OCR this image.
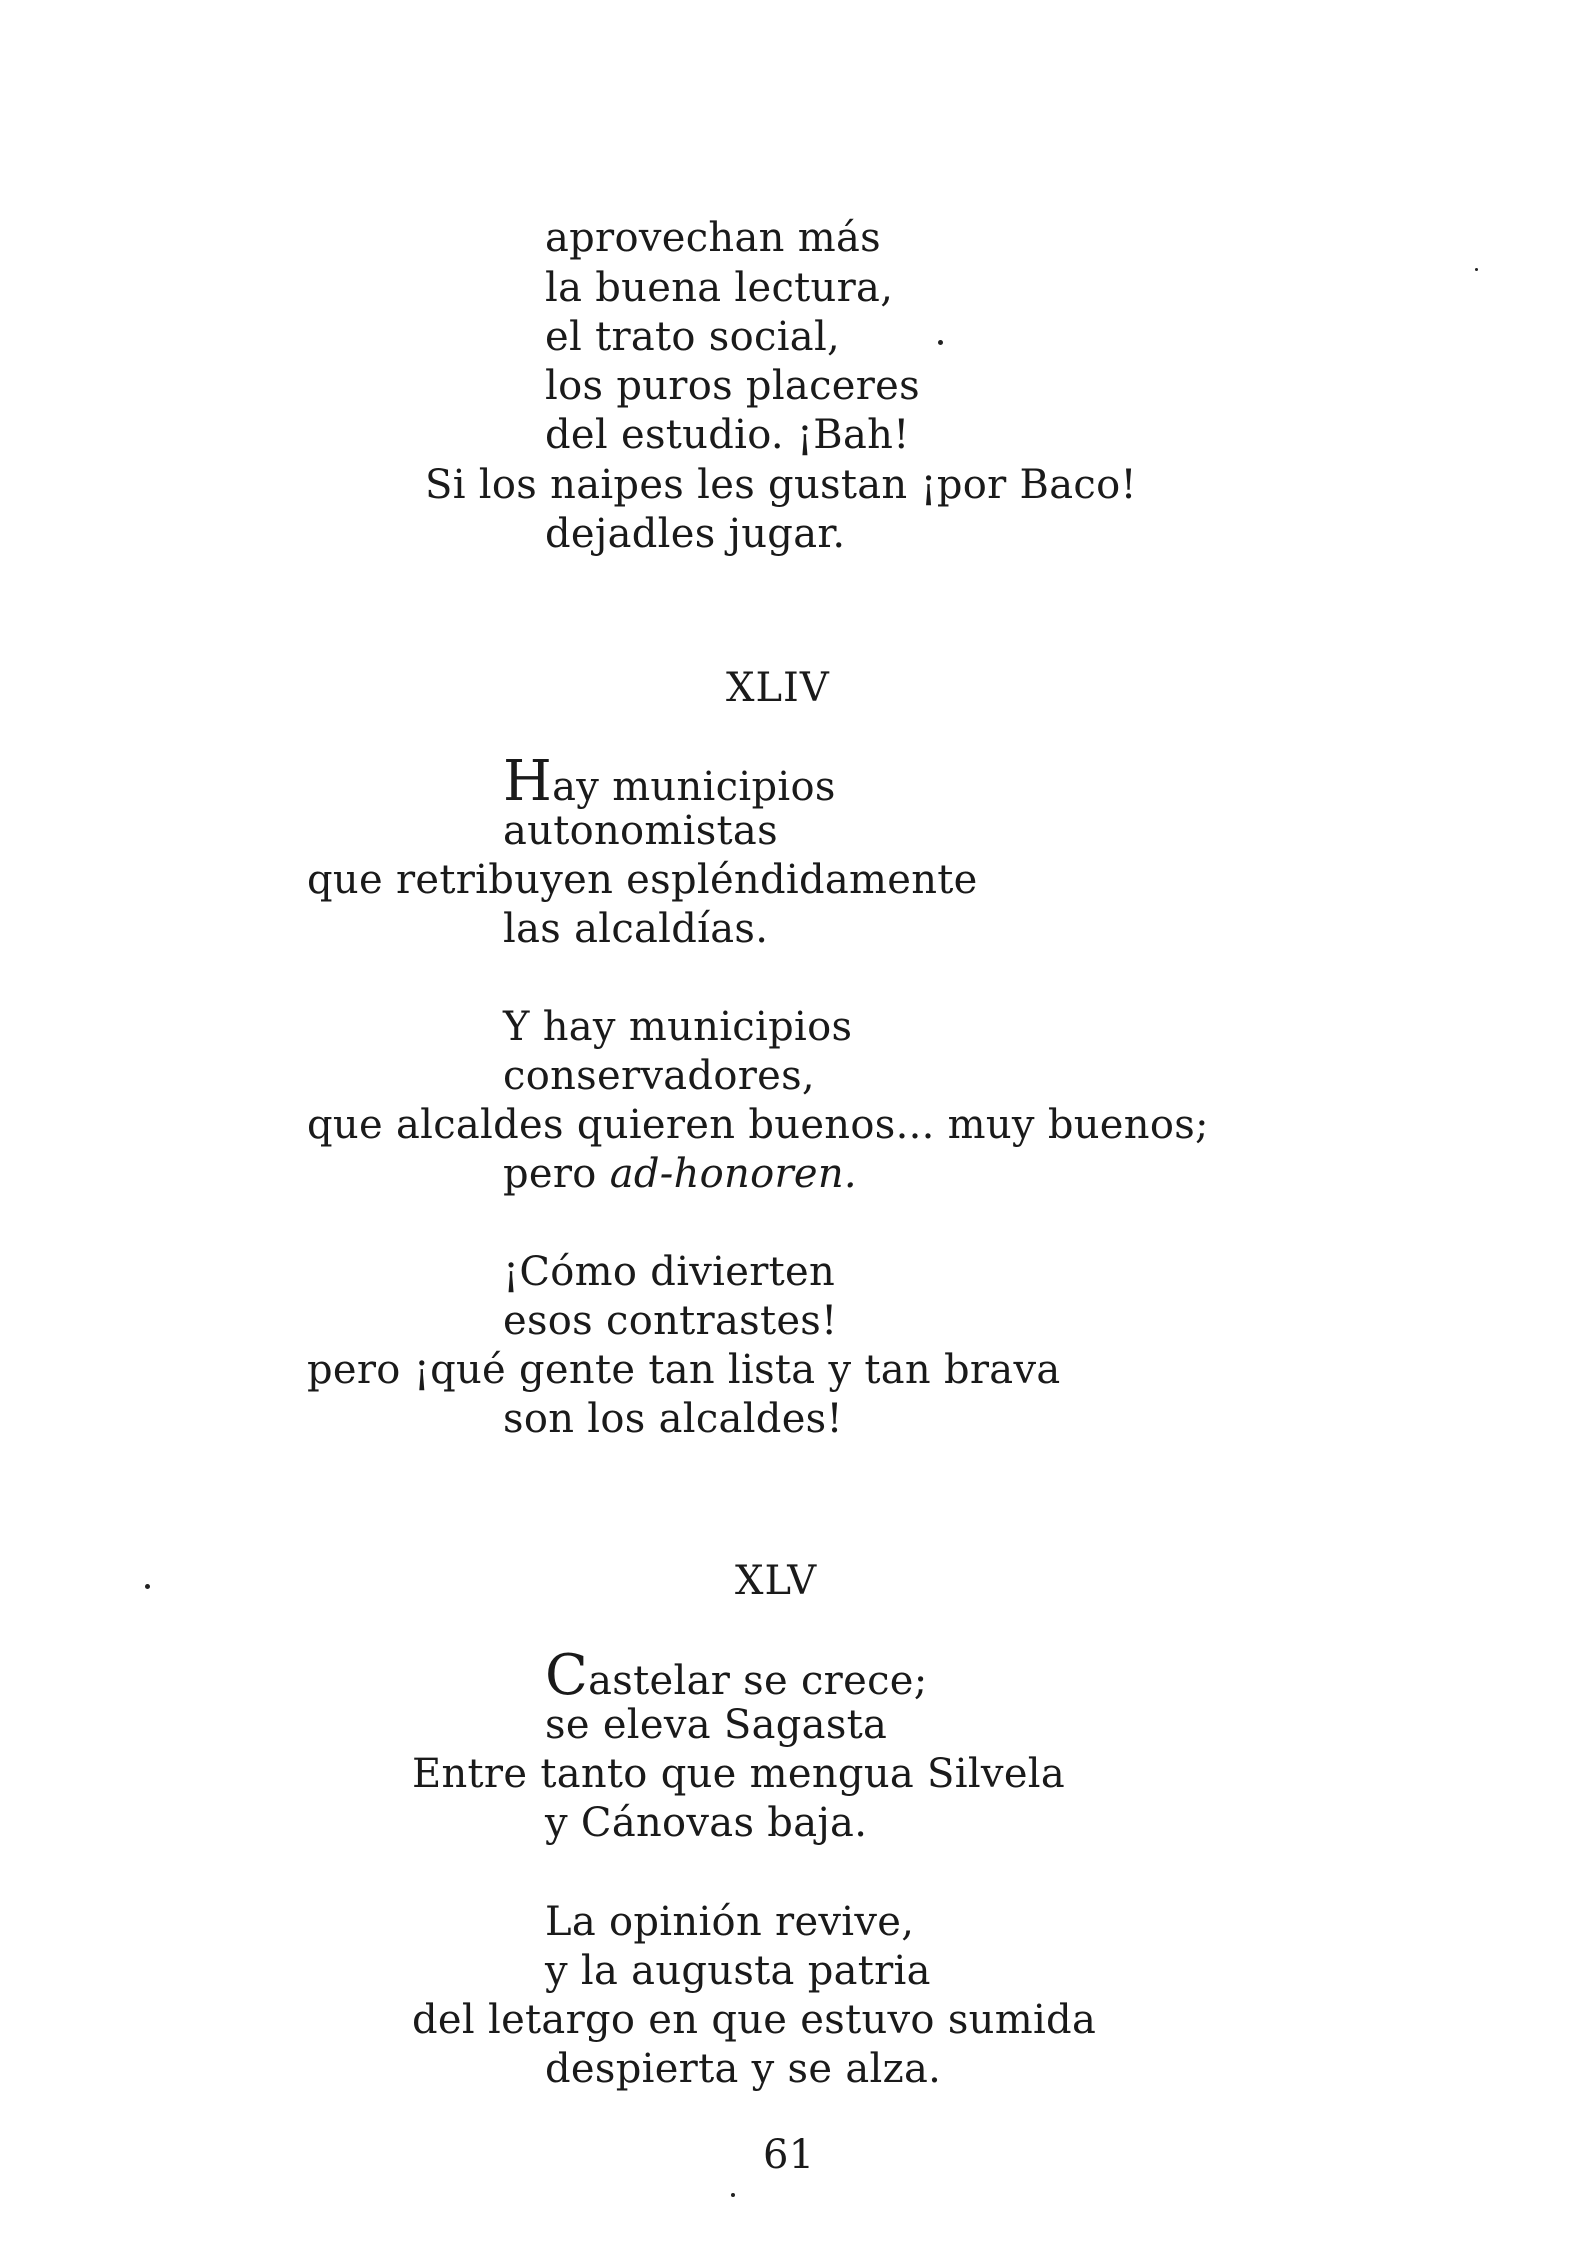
aprovechan más
la buena lectura,
el trato social,
los puros placeres
del estudio. ¡Bah!
Si los naipes les gustan ¡por Baco!
dejadles jugar.
XLIV
Hay municipios
autonomistas
que retribuyen espléndidamente
las alcaldías.
Y hay municipios
conservadores,
que alcaldes quieren buenos... muy buenos;
pero ad-honoren.
¡Cómo divierten
esos contrastes!
pero ¡qué gente tan lista y tan brava
son los alcaldes!
XLV
Castelar se crece;
se eleva Sagasta
Entre tanto que mengua Silvela
y Cánovas baja.
La opinión revive,
y la augusta patria
del letargo en que estuvo sumida
despierta y se alza.
61
